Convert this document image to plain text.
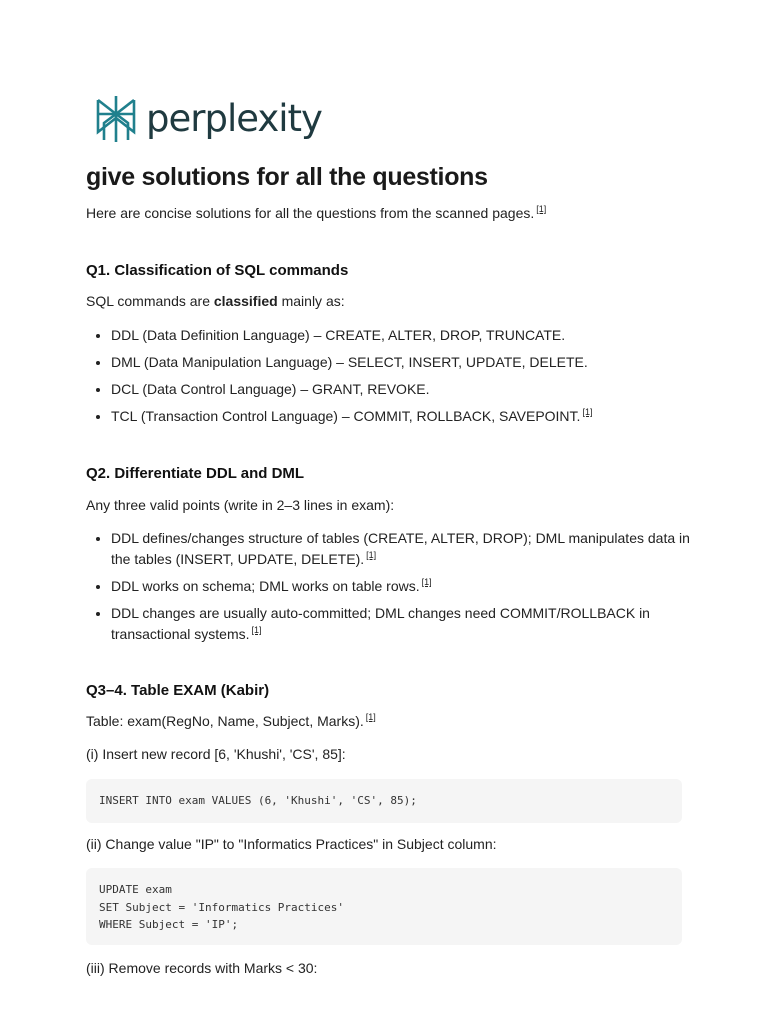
perplexity
give solutions for all the questions

Here are concise solutions for all the questions from the scanned pages. [1]

Q1. Classification of SQL commands

SQL commands are classified mainly as:

• DDL (Data Definition Language) – CREATE, ALTER, DROP, TRUNCATE.
• DML (Data Manipulation Language) – SELECT, INSERT, UPDATE, DELETE.
• DCL (Data Control Language) – GRANT, REVOKE.
• TCL (Transaction Control Language) – COMMIT, ROLLBACK, SAVEPOINT. [1]
Q2. Differentiate DDL and DML

Any three valid points (write in 2–3 lines in exam):

• DDL defines/changes structure of tables (CREATE, ALTER, DROP); DML manipulates data in the tables (INSERT, UPDATE, DELETE). [1]
• DDL works on schema; DML works on table rows. [1]
• DDL changes are usually auto-committed; DML changes need COMMIT/ROLLBACK in transactional systems. [1]
Q3–4. Table EXAM (Kabir)

Table: exam(RegNo, Name, Subject, Marks). [1]

(i) Insert new record [6, 'Khushi', 'CS', 85]:

INSERT INTO exam VALUES (6, 'Khushi', 'CS', 85);

(ii) Change value "IP" to "Informatics Practices" in Subject column:

UPDATE exam
SET Subject = 'Informatics Practices'
WHERE Subject = 'IP';

(iii) Remove records with Marks < 30:
